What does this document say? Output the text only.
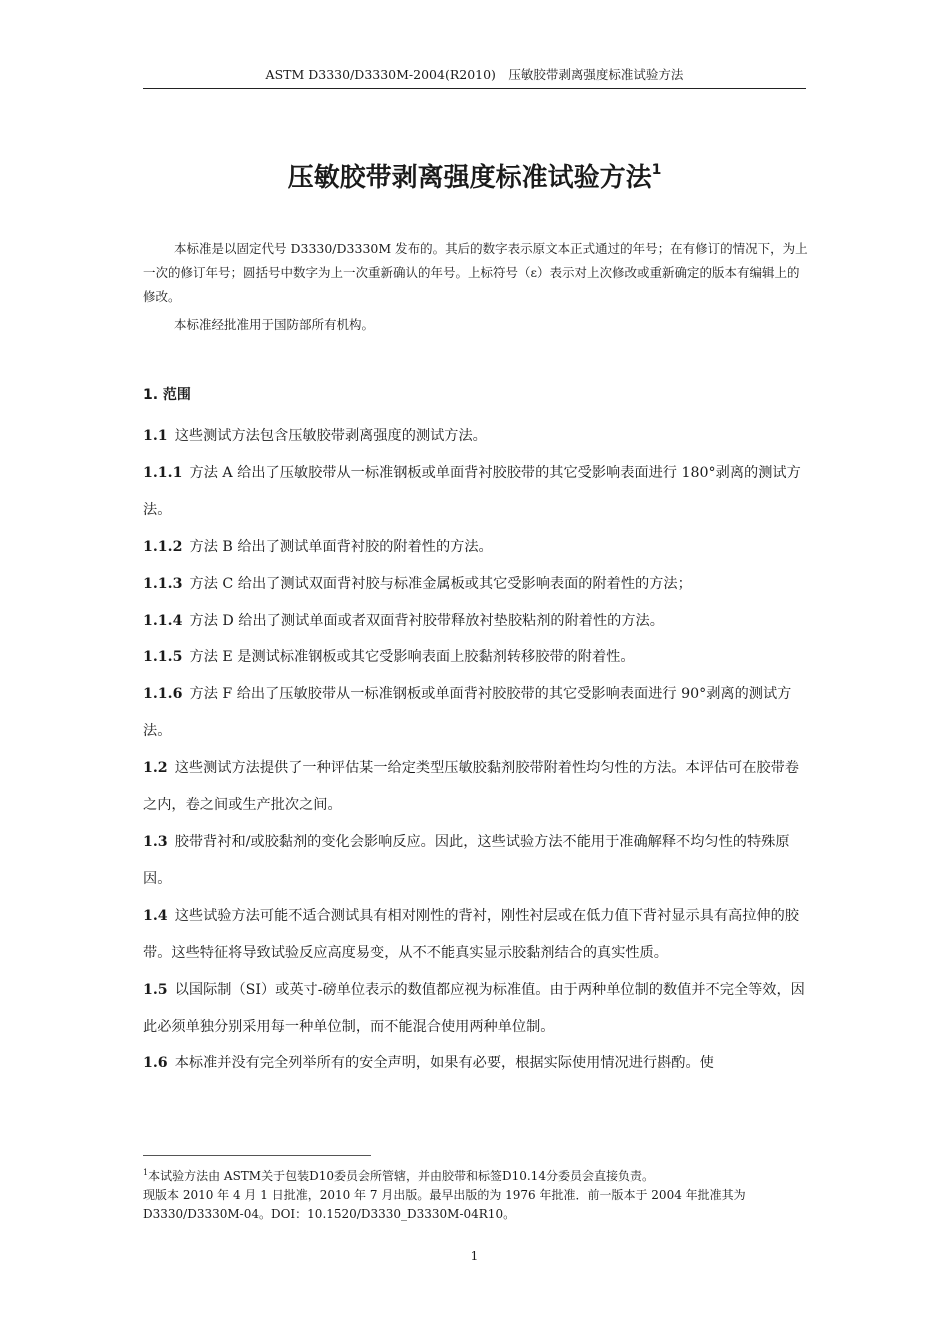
ASTM D3330/D3330M-2004(R2010)　压敏胶带剥离强度标准试验方法
压敏胶带剥离强度标准试验方法$^1$

本标准是以固定代号 D3330/D3330M 发布的。其后的数字表示原文本正式通过的年号；在有修订的情况下，为上一次的修订年号；圆括号中数字为上一次重新确认的年号。上标符号（ε）表示对上次修改或重新确定的版本有编辑上的修改。

本标准经批准用于国防部所有机构。

1. 范围

1.1 这些测试方法包含压敏胶带剥离强度的测试方法。

1.1.1 方法 A 给出了压敏胶带从一标准钢板或单面背衬胶胶带的其它受影响表面进行 180°剥离的测试方法。

1.1.2 方法 B 给出了测试单面背衬胶的附着性的方法。

1.1.3 方法 C 给出了测试双面背衬胶与标准金属板或其它受影响表面的附着性的方法；

1.1.4 方法 D 给出了测试单面或者双面背衬胶带释放衬垫胶粘剂的附着性的方法。

1.1.5 方法 E 是测试标准钢板或其它受影响表面上胶黏剂转移胶带的附着性。

1.1.6 方法 F 给出了压敏胶带从一标准钢板或单面背衬胶胶带的其它受影响表面进行 90°剥离的测试方法。

1.2 这些测试方法提供了一种评估某一给定类型压敏胶黏剂胶带附着性均匀性的方法。本评估可在胶带卷之内，卷之间或生产批次之间。

1.3 胶带背衬和/或胶黏剂的变化会影响反应。因此，这些试验方法不能用于准确解释不均匀性的特殊原因。

1.4 这些试验方法可能不适合测试具有相对刚性的背衬，刚性衬层或在低力值下背衬显示具有高拉伸的胶带。这些特征将导致试验反应高度易变，从不不能真实显示胶黏剂结合的真实性质。

1.5 以国际制（SI）或英寸-磅单位表示的数值都应视为标准值。由于两种单位制的数值并不完全等效，因此必须单独分别采用每一种单位制，而不能混合使用两种单位制。

1.6 本标准并没有完全列举所有的安全声明，如果有必要，根据实际使用情况进行斟酌。使

$^1$本试验方法由 ASTM关于包装D10委员会所管辖，并由胶带和标签D10.14分委员会直接负责。

现版本 2010 年 4 月 1 日批准，2010 年 7 月出版。最早出版的为 1976 年批准．前一版本于 2004 年批准其为 D3330/D3330M-04。DOI：10.1520/D3330_D3330M-04R10。

1
